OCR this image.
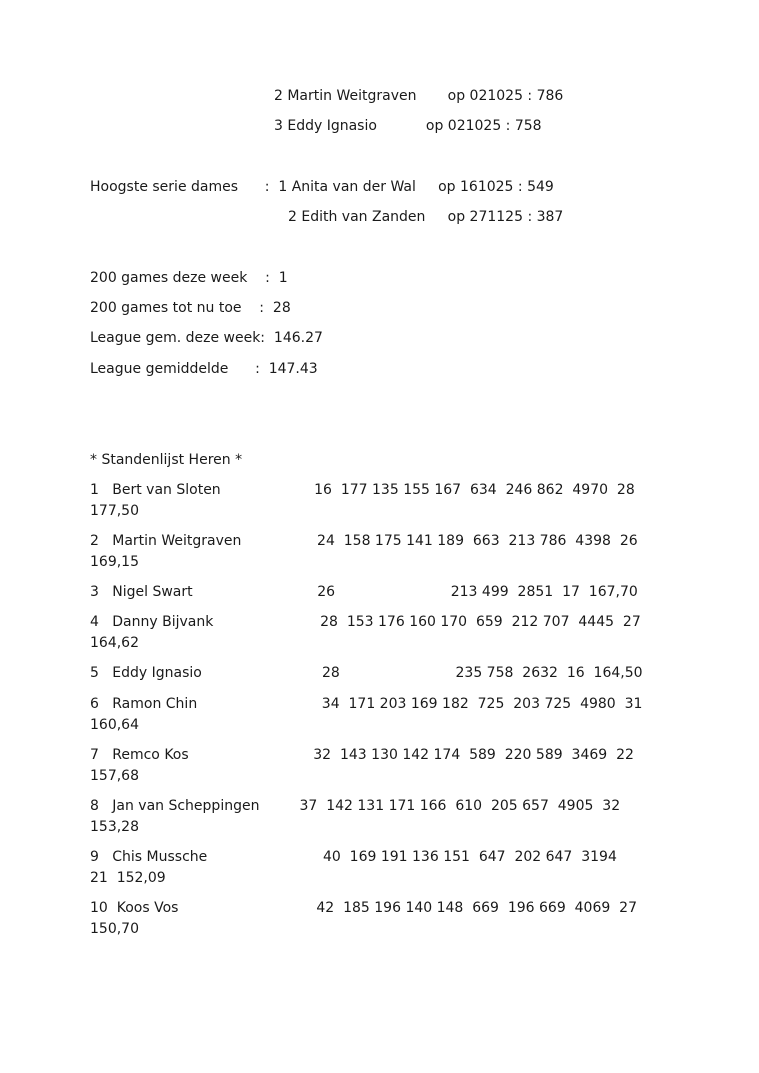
2 Martin Weitgraven       op 021025 : 786

3 Eddy Ignasio           op 021025 : 758

Hoogste serie dames      :  1 Anita van der Wal     op 161025 : 549

2 Edith van Zanden     op 271125 : 387

200 games deze week    :  1

200 games tot nu toe    :  28

League gem. deze week:  146.27

League gemiddelde      :  147.43

* Standenlijst Heren *

1   Bert van Sloten                     16  177 135 155 167  634  246 862  4970  28
177,50

2   Martin Weitgraven                 24  158 175 141 189  663  213 786  4398  26
169,15

3   Nigel Swart                            26                          213 499  2851  17  167,70

4   Danny Bijvank                        28  153 176 160 170  659  212 707  4445  27
164,62

5   Eddy Ignasio                           28                          235 758  2632  16  164,50

6   Ramon Chin                            34  171 203 169 182  725  203 725  4980  31
160,64

7   Remco Kos                            32  143 130 142 174  589  220 589  3469  22
157,68

8   Jan van Scheppingen         37  142 131 171 166  610  205 657  4905  32
153,28

9   Chis Mussche                          40  169 191 136 151  647  202 647  3194
21  152,09

10  Koos Vos                               42  185 196 140 148  669  196 669  4069  27
150,70
